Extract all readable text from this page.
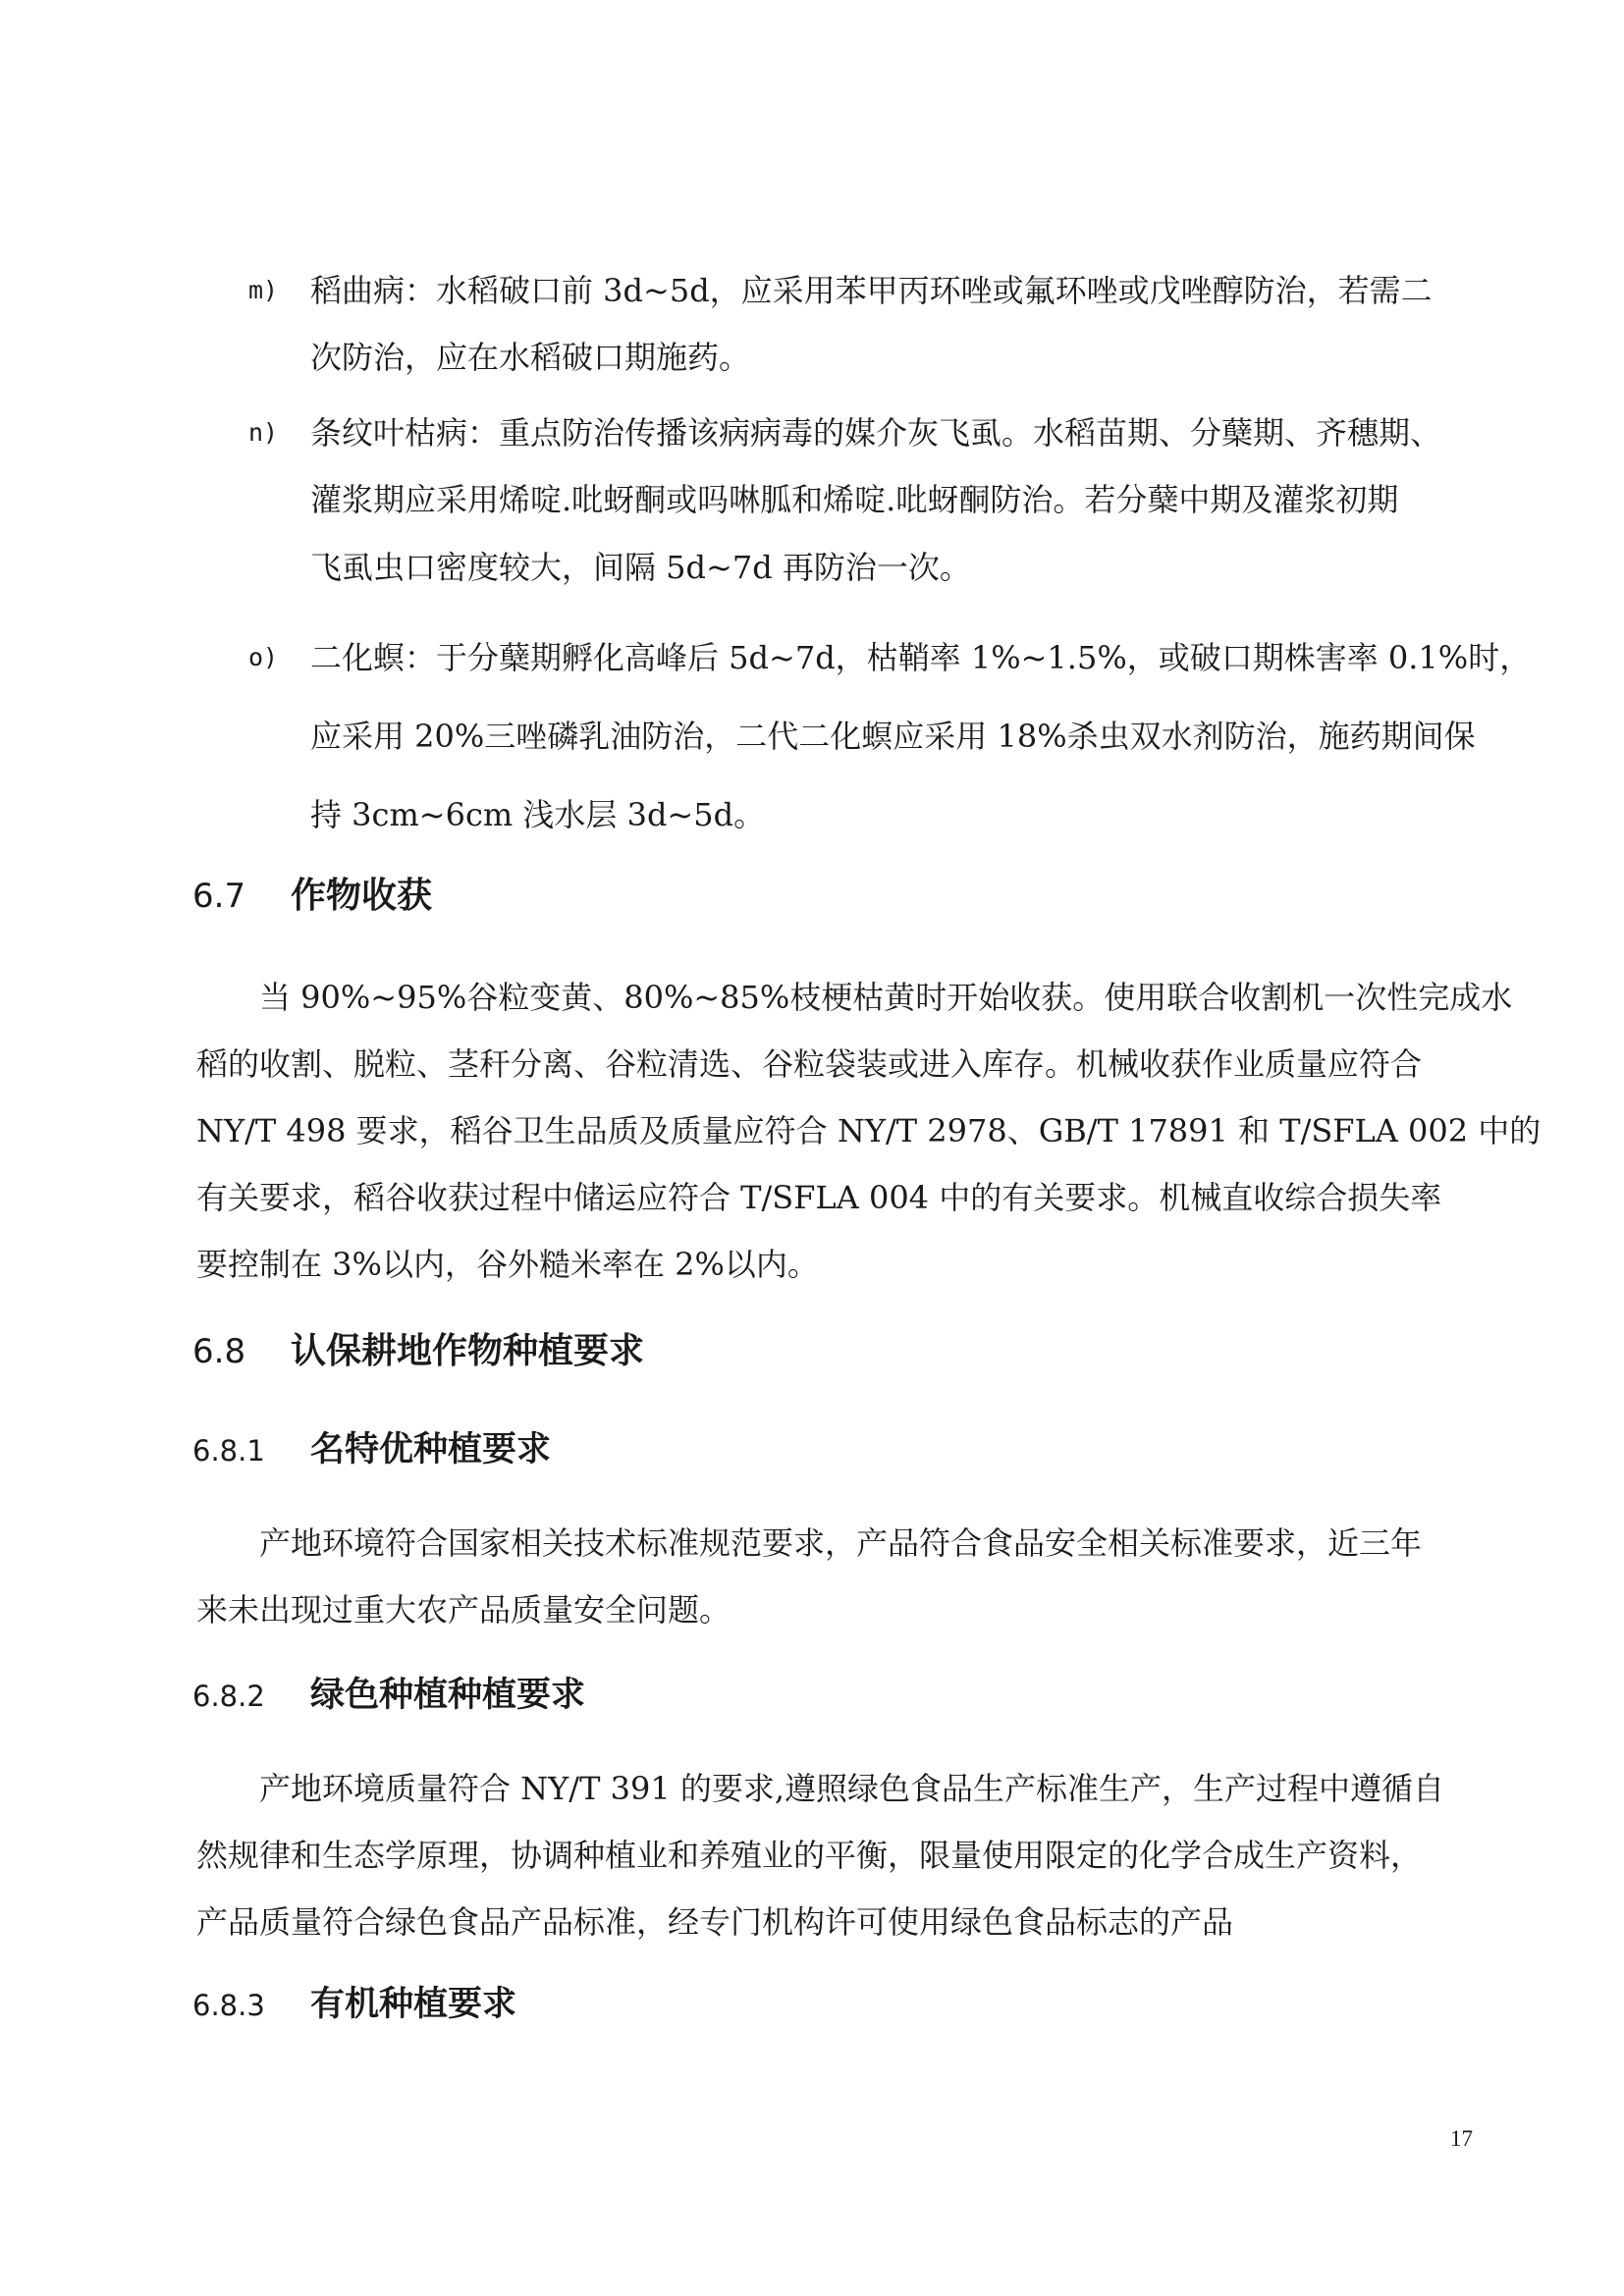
m) 稻曲病：水稻破口前 3d~5d，应采用苯甲丙环唑或氟环唑或戊唑醇防治，若需二
次防治，应在水稻破口期施药。
n) 条纹叶枯病：重点防治传播该病病毒的媒介灰飞虱。水稻苗期、分蘖期、齐穗期、
灌浆期应采用烯啶.吡蚜酮或吗啉胍和烯啶.吡蚜酮防治。若分蘖中期及灌浆初期
飞虱虫口密度较大，间隔 5d~7d 再防治一次。
o) 二化螟：于分蘖期孵化高峰后 5d~7d，枯鞘率 1%~1.5%，或破口期株害率 0.1%时，
应采用 20%三唑磷乳油防治，二代二化螟应采用 18%杀虫双水剂防治，施药期间保
持 3cm~6cm 浅水层 3d~5d。
6.7 作物收获
当 90%~95%谷粒变黄、80%~85%枝梗枯黄时开始收获。使用联合收割机一次性完成水
稻的收割、脱粒、茎秆分离、谷粒清选、谷粒袋装或进入库存。机械收获作业质量应符合
NY/T 498 要求，稻谷卫生品质及质量应符合 NY/T 2978、GB/T 17891 和 T/SFLA 002 中的
有关要求，稻谷收获过程中储运应符合 T/SFLA 004 中的有关要求。机械直收综合损失率
要控制在 3%以内，谷外糙米率在 2%以内。
6.8 认保耕地作物种植要求
6.8.1 名特优种植要求
产地环境符合国家相关技术标准规范要求，产品符合食品安全相关标准要求，近三年
来未出现过重大农产品质量安全问题。
6.8.2 绿色种植种植要求
产地环境质量符合 NY/T 391 的要求,遵照绿色食品生产标准生产，生产过程中遵循自
然规律和生态学原理，协调种植业和养殖业的平衡，限量使用限定的化学合成生产资料，
产品质量符合绿色食品产品标准，经专门机构许可使用绿色食品标志的产品
6.8.3 有机种植要求
17
